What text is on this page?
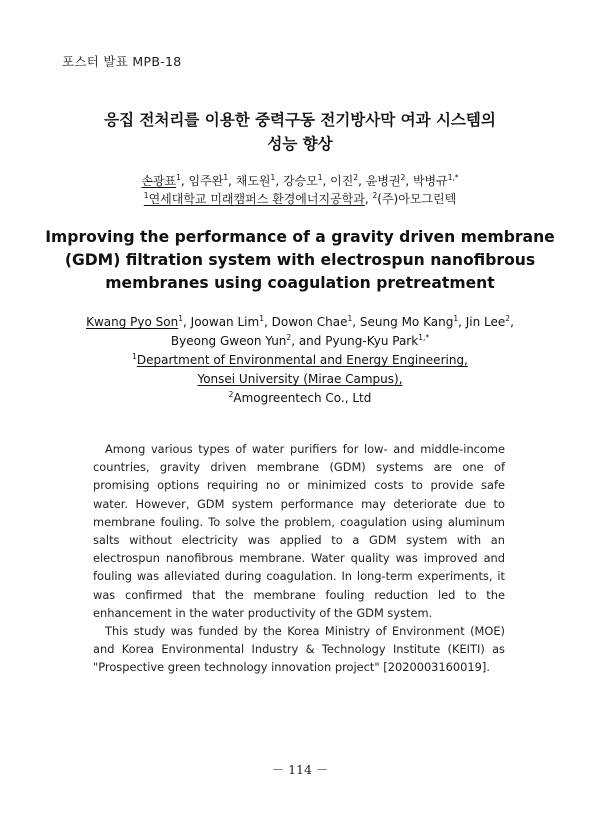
포스터 발표 MPB-18
응집 전처리를 이용한 중력구동 전기방사막 여과 시스템의
성능 향상
손광표$^1$, 임주완$^1$, 채도원$^1$, 강승모$^1$, 이진$^2$, 윤병권$^2$, 박병규$^{1,*}$
$^1$연세대학교 미래캠퍼스 환경에너지공학과, $^2$(주)아모그린텍
Improving the performance of a gravity driven membrane
(GDM) filtration system with electrospun nanofibrous
membranes using coagulation pretreatment
Kwang Pyo Son$^1$, Joowan Lim$^1$, Dowon Chae$^1$, Seung Mo Kang$^1$, Jin Lee$^2$,
Byeong Gweon Yun$^2$, and Pyung-Kyu Park$^{1,*}$
$^1$Department of Environmental and Energy Engineering,
Yonsei University (Mirae Campus),
$^2$Amogreentech Co., Ltd

Among various types of water purifiers for low- and middle-income countries, gravity driven membrane (GDM) systems are one of promising options requiring no or minimized costs to provide safe water. However, GDM system performance may deteriorate due to membrane fouling. To solve the problem, coagulation using aluminum salts without electricity was applied to a GDM system with an electrospun nanofibrous membrane. Water quality was improved and fouling was alleviated during coagulation. In long-term experiments, it was confirmed that the membrane fouling reduction led to the enhancement in the water productivity of the GDM system.

This study was funded by the Korea Ministry of Environment (MOE) and Korea Environmental Industry & Technology Institute (KEITI) as "Prospective green technology innovation project" [2020003160019].

－ 114 －
